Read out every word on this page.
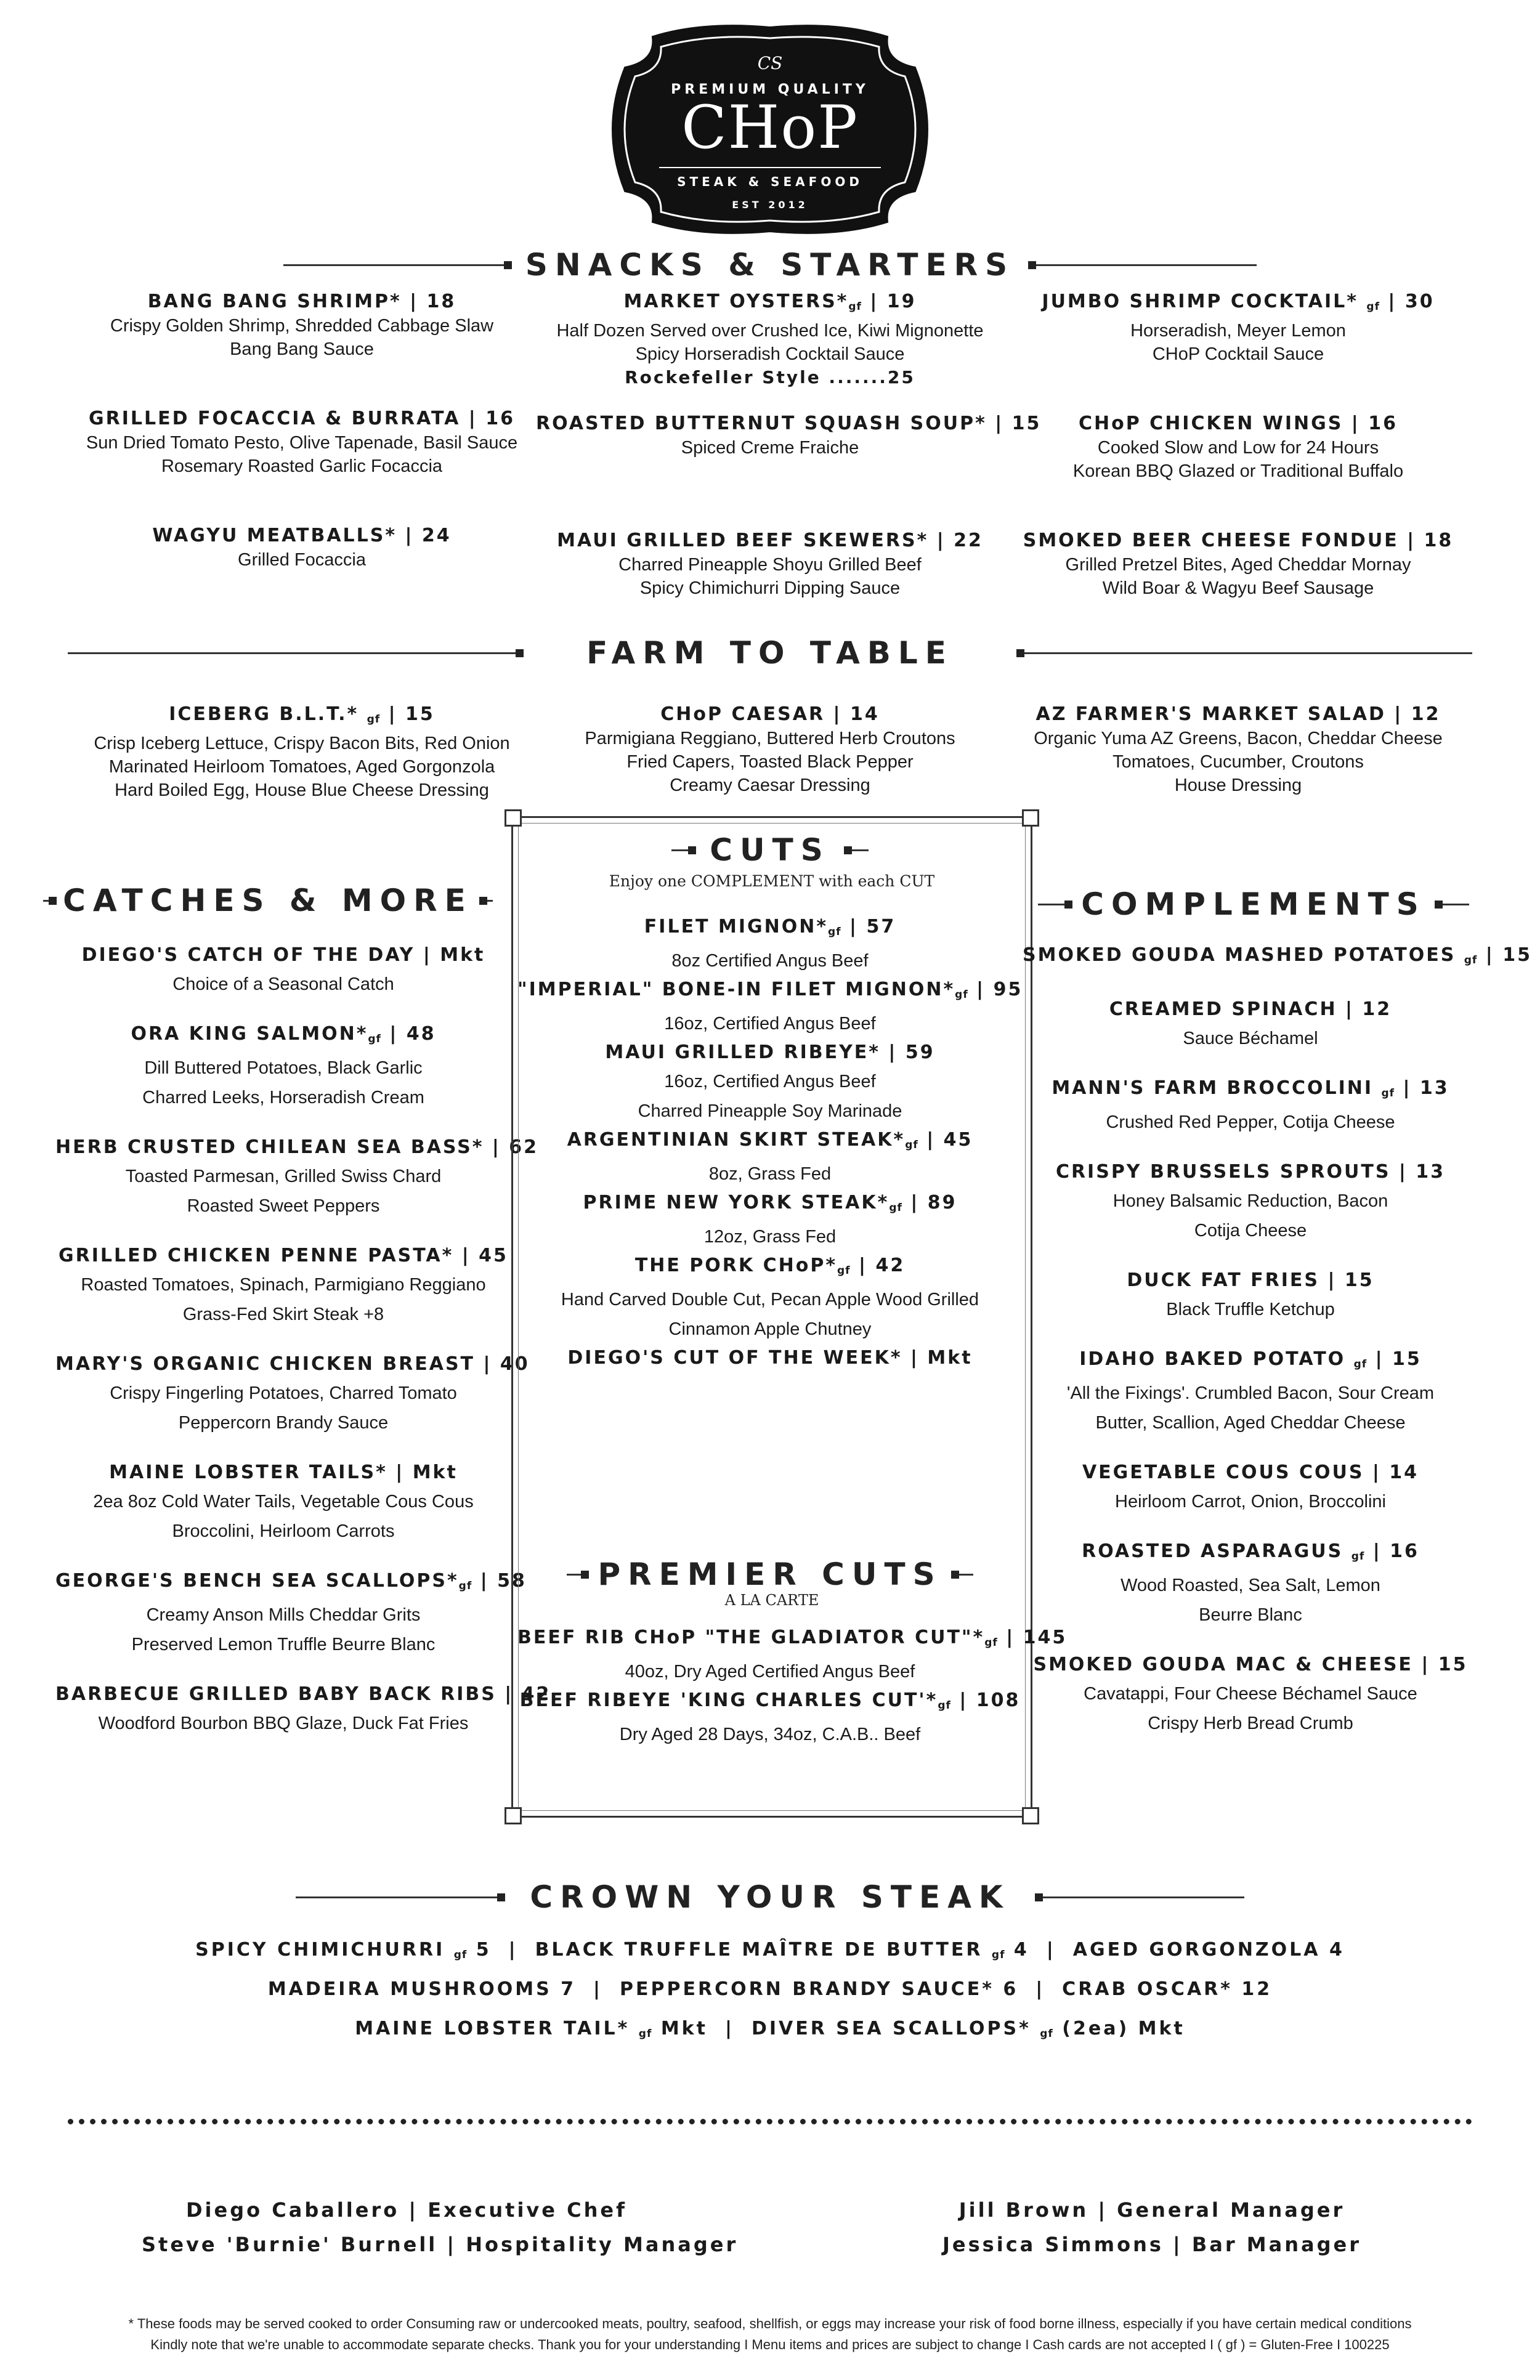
CS
PREMIUM QUALITY
CHoP
STEAK & SEAFOOD
EST 2012
SNACKS & STARTERS
BANG BANG SHRIMP* | 18
Crispy Golden Shrimp, Shredded Cabbage Slaw
Bang Bang Sauce
GRILLED FOCACCIA & BURRATA | 16
Sun Dried Tomato Pesto, Olive Tapenade, Basil Sauce
Rosemary Roasted Garlic Focaccia
WAGYU MEATBALLS* | 24
Grilled Focaccia
MARKET OYSTERS*gf | 19
Half Dozen Served over Crushed Ice, Kiwi Mignonette
Spicy Horseradish Cocktail Sauce
Rockefeller Style .......25
ROASTED BUTTERNUT SQUASH SOUP* | 15
Spiced Creme Fraiche
MAUI GRILLED BEEF SKEWERS* | 22
Charred Pineapple Shoyu Grilled Beef
Spicy Chimichurri Dipping Sauce
JUMBO SHRIMP COCKTAIL* gf | 30
Horseradish, Meyer Lemon
CHoP Cocktail Sauce
CHoP CHICKEN WINGS | 16
Cooked Slow and Low for 24 Hours
Korean BBQ Glazed or Traditional Buffalo
SMOKED BEER CHEESE FONDUE | 18
Grilled Pretzel Bites, Aged Cheddar Mornay
Wild Boar & Wagyu Beef Sausage
FARM TO TABLE
ICEBERG B.L.T.* gf | 15
Crisp Iceberg Lettuce, Crispy Bacon Bits, Red Onion
Marinated Heirloom Tomatoes, Aged Gorgonzola
Hard Boiled Egg, House Blue Cheese Dressing
CHoP CAESAR | 14
Parmigiana Reggiano, Buttered Herb Croutons
Fried Capers, Toasted Black Pepper
Creamy Caesar Dressing
AZ FARMER'S MARKET SALAD | 12
Organic Yuma AZ Greens, Bacon, Cheddar Cheese
Tomatoes, Cucumber, Croutons
House Dressing
CATCHES & MORE
DIEGO'S CATCH OF THE DAY | Mkt
Choice of a Seasonal Catch
ORA KING SALMON*gf | 48
Dill Buttered Potatoes, Black Garlic
Charred Leeks, Horseradish Cream
HERB CRUSTED CHILEAN SEA BASS* | 62
Toasted Parmesan, Grilled Swiss Chard
Roasted Sweet Peppers
GRILLED CHICKEN PENNE PASTA* | 45
Roasted Tomatoes, Spinach, Parmigiano Reggiano
Grass-Fed Skirt Steak +8
MARY'S ORGANIC CHICKEN BREAST | 40
Crispy Fingerling Potatoes, Charred Tomato
Peppercorn Brandy Sauce
MAINE LOBSTER TAILS* | Mkt
2ea 8oz Cold Water Tails, Vegetable Cous Cous
Broccolini, Heirloom Carrots
GEORGE'S BENCH SEA SCALLOPS*gf | 58
Creamy Anson Mills Cheddar Grits
Preserved Lemon Truffle Beurre Blanc
BARBECUE GRILLED BABY BACK RIBS | 42
Woodford Bourbon BBQ Glaze, Duck Fat Fries
CUTS
Enjoy one COMPLEMENT with each CUT
FILET MIGNON*gf | 57
8oz Certified Angus Beef
"IMPERIAL" BONE-IN FILET MIGNON*gf | 95
16oz, Certified Angus Beef
MAUI GRILLED RIBEYE* | 59
16oz, Certified Angus Beef
Charred Pineapple Soy Marinade
ARGENTINIAN SKIRT STEAK*gf | 45
8oz, Grass Fed
PRIME NEW YORK STEAK*gf | 89
12oz, Grass Fed
THE PORK CHoP*gf | 42
Hand Carved Double Cut, Pecan Apple Wood Grilled
Cinnamon Apple Chutney
DIEGO'S CUT OF THE WEEK* | Mkt
PREMIER CUTS
A LA CARTE
BEEF RIB CHoP "THE GLADIATOR CUT"*gf | 145
40oz, Dry Aged Certified Angus Beef
BEEF RIBEYE 'KING CHARLES CUT'*gf | 108
Dry Aged 28 Days, 34oz, C.A.B.. Beef
COMPLEMENTS
SMOKED GOUDA MASHED POTATOES gf | 15
CREAMED SPINACH | 12
Sauce Béchamel
MANN'S FARM BROCCOLINI gf | 13
Crushed Red Pepper, Cotija Cheese
CRISPY BRUSSELS SPROUTS | 13
Honey Balsamic Reduction, Bacon
Cotija Cheese
DUCK FAT FRIES | 15
Black Truffle Ketchup
IDAHO BAKED POTATO gf | 15
'All the Fixings'. Crumbled Bacon, Sour Cream
Butter, Scallion, Aged Cheddar Cheese
VEGETABLE COUS COUS | 14
Heirloom Carrot, Onion, Broccolini
ROASTED ASPARAGUS gf | 16
Wood Roasted, Sea Salt, Lemon
Beurre Blanc
SMOKED GOUDA MAC & CHEESE | 15
Cavatappi, Four Cheese Béchamel Sauce
Crispy Herb Bread Crumb
CROWN YOUR STEAK
SPICY CHIMICHURRI gf 5 | BLACK TRUFFLE MAÎTRE DE BUTTER gf 4 | AGED GORGONZOLA 4
MADEIRA MUSHROOMS 7 | PEPPERCORN BRANDY SAUCE* 6 | CRAB OSCAR* 12
MAINE LOBSTER TAIL* gf Mkt | DIVER SEA SCALLOPS* gf (2ea) Mkt
Diego Caballero | Executive Chef
Steve 'Burnie' Burnell | Hospitality Manager
Jill Brown | General Manager
Jessica Simmons | Bar Manager
* These foods may be served cooked to order Consuming raw or undercooked meats, poultry, seafood, shellfish, or eggs may increase your risk of food borne illness, especially if you have certain medical conditions
Kindly note that we're unable to accommodate separate checks. Thank you for your understanding I Menu items and prices are subject to change I Cash cards are not accepted I ( gf ) = Gluten-Free I 100225
